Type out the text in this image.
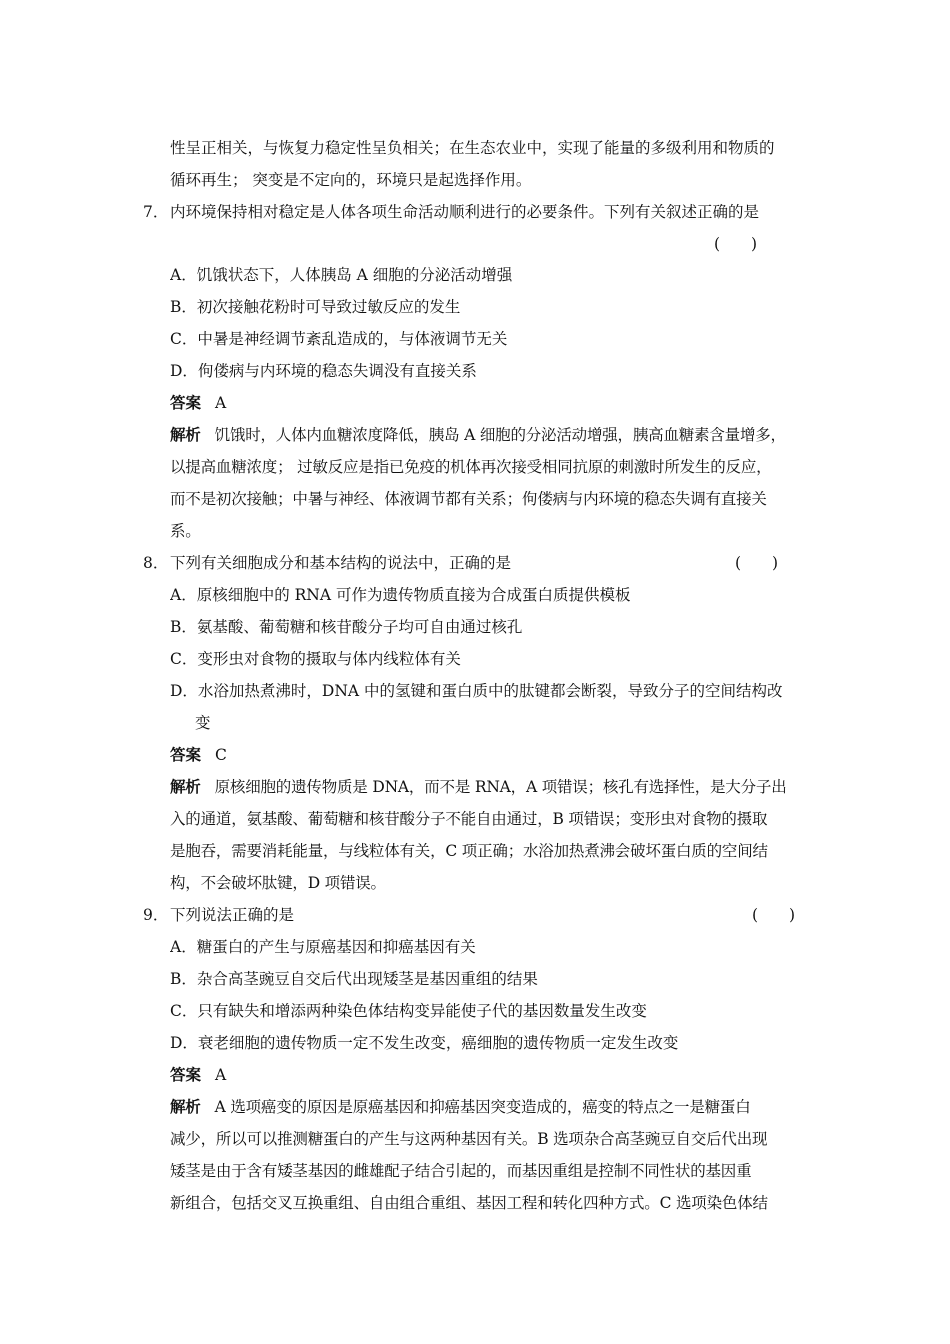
性呈正相关，与恢复力稳定性呈负相关；在生态农业中，实现了能量的多级利用和物质的
循环再生； 突变是不定向的，环境只是起选择作用。
7． 内环境保持相对稳定是人体各项生命活动顺利进行的必要条件。下列有关叙述正确的是
(　　)
A．饥饿状态下，人体胰岛 A 细胞的分泌活动增强
B．初次接触花粉时可导致过敏反应的发生
C．中暑是神经调节紊乱造成的，与体液调节无关
D．佝偻病与内环境的稳态失调没有直接关系
答案 A
解析 饥饿时，人体内血糖浓度降低，胰岛 A 细胞的分泌活动增强，胰高血糖素含量增多，
以提高血糖浓度； 过敏反应是指已免疫的机体再次接受相同抗原的刺激时所发生的反应，
而不是初次接触；中暑与神经、体液调节都有关系；佝偻病与内环境的稳态失调有直接关
系。
8． 下列有关细胞成分和基本结构的说法中，正确的是	(　　)
A．原核细胞中的 RNA 可作为遗传物质直接为合成蛋白质提供模板
B．氨基酸、葡萄糖和核苷酸分子均可自由通过核孔
C．变形虫对食物的摄取与体内线粒体有关
D．水浴加热煮沸时，DNA 中的氢键和蛋白质中的肽键都会断裂，导致分子的空间结构改
变
答案 C
解析 原核细胞的遗传物质是 DNA，而不是 RNA，A 项错误；核孔有选择性，是大分子出
入的通道，氨基酸、葡萄糖和核苷酸分子不能自由通过，B 项错误；变形虫对食物的摄取
是胞吞，需要消耗能量，与线粒体有关，C 项正确；水浴加热煮沸会破坏蛋白质的空间结
构，不会破坏肽键，D 项错误。
9． 下列说法正确的是	(　　)
A．糖蛋白的产生与原癌基因和抑癌基因有关
B．杂合高茎豌豆自交后代出现矮茎是基因重组的结果
C．只有缺失和增添两种染色体结构变异能使子代的基因数量发生改变
D．衰老细胞的遗传物质一定不发生改变，癌细胞的遗传物质一定发生改变
答案 A
解析 A 选项癌变的原因是原癌基因和抑癌基因突变造成的，癌变的特点之一是糖蛋白
减少，所以可以推测糖蛋白的产生与这两种基因有关。B 选项杂合高茎豌豆自交后代出现
矮茎是由于含有矮茎基因的雌雄配子结合引起的，而基因重组是控制不同性状的基因重
新组合，包括交叉互换重组、自由组合重组、基因工程和转化四种方式。C 选项染色体结
